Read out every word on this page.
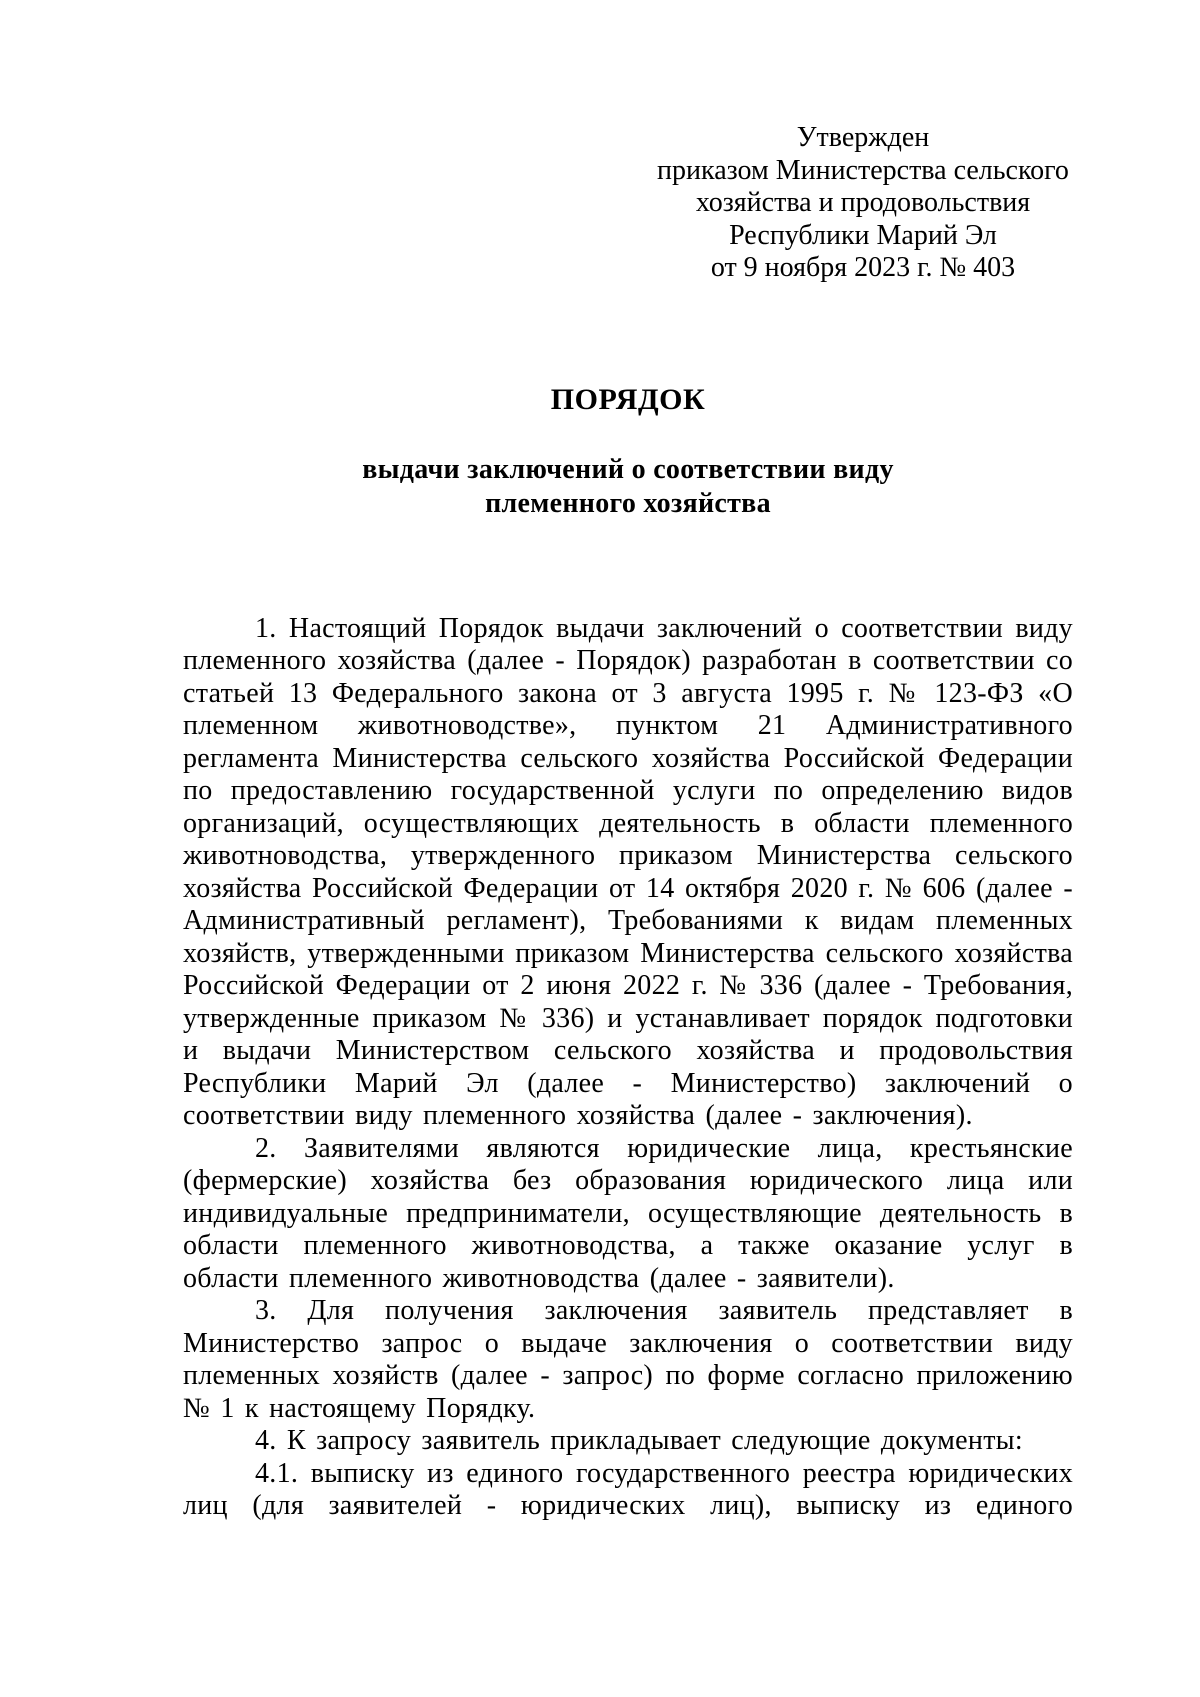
Утвержден
приказом Министерства сельского
хозяйства и продовольствия
Республики Марий Эл
от 9 ноября 2023 г. № 403
ПОРЯДОК
выдачи заключений о соответствии виду
племенного хозяйства

1. Настоящий Порядок выдачи заключений о соответствии виду племенного хозяйства (далее - Порядок) разработан в соответствии со статьей 13 Федерального закона от 3 августа 1995 г. № 123-ФЗ «О племенном животноводстве», пунктом 21 Административного регламента Министерства сельского хозяйства Российской Федерации по предоставлению государственной услуги по определению видов организаций, осуществляющих деятельность в области племенного животноводства, утвержденного приказом Министерства сельского хозяйства Российской Федерации от 14 октября 2020 г. № 606 (далее - Административный регламент), Требованиями к видам племенных хозяйств, утвержденными приказом Министерства сельского хозяйства Российской Федерации от 2 июня 2022 г. № 336 (далее - Требования, утвержденные приказом № 336) и устанавливает порядок подготовки и выдачи Министерством сельского хозяйства и продовольствия Республики Марий Эл (далее - Министерство) заключений о соответствии виду племенного хозяйства (далее - заключения).

2. Заявителями являются юридические лица, крестьянские (фермерские) хозяйства без образования юридического лица или индивидуальные предприниматели, осуществляющие деятельность в области племенного животноводства, а также оказание услуг в области племенного животноводства (далее - заявители).

3. Для получения заключения заявитель представляет в Министерство запрос о выдаче заключения о соответствии виду племенных хозяйств (далее - запрос) по форме согласно приложению № 1 к настоящему Порядку.

4. К запросу заявитель прикладывает следующие документы:

4.1. выписку из единого государственного реестра юридических лиц (для заявителей - юридических лиц), выписку из единого
